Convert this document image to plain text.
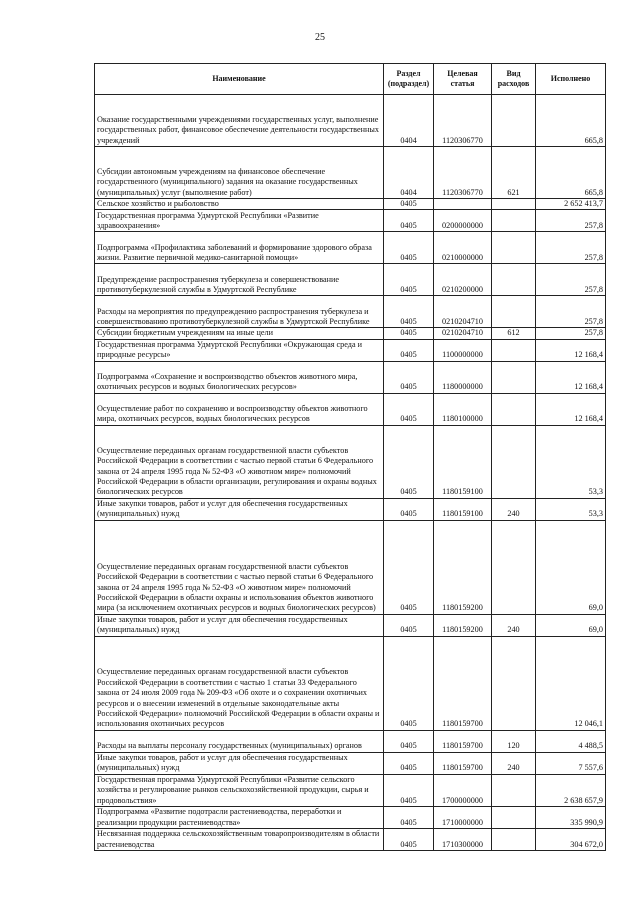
25
Наименование	Раздел (подраздел)	Целевая статья	Вид расходов	Исполнено
Оказание государственными учреждениями государственных услуг, выполнение государственных работ, финансовое обеспечение деятельности государственных учреждений	0404	1120306770		665,8
Субсидии автономным учреждениям на финансовое обеспечение государственного (муниципального) задания на оказание государственных (муниципальных) услуг (выполнение работ)	0404	1120306770	621	665,8
Сельское хозяйство и рыболовство	0405			2 652 413,7
Государственная программа Удмуртской Республики «Развитие здравоохранения»	0405	0200000000		257,8
Подпрограмма «Профилактика заболеваний и формирование здорового образа жизни. Развитие первичной медико-санитарной помощи»	0405	0210000000		257,8
Предупреждение распространения туберкулеза и совершенствование противотуберкулезной службы в Удмуртской Республике	0405	0210200000		257,8
Расходы на мероприятия по предупреждению распространения туберкулеза и совершенствованию противотуберкулезной службы в Удмуртской Республике	0405	0210204710		257,8
Субсидии бюджетным учреждениям на иные цели	0405	0210204710	612	257,8
Государственная программа Удмуртской Республики «Окружающая среда и природные ресурсы»	0405	1100000000		12 168,4
Подпрограмма «Сохранение и воспроизводство объектов животного мира, охотничьих ресурсов и водных биологических ресурсов»	0405	1180000000		12 168,4
Осуществление работ по сохранению и воспроизводству объектов животного мира, охотничьих ресурсов, водных биологических ресурсов	0405	1180100000		12 168,4
Осуществление переданных органам государственной власти субъектов Российской Федерации в соответствии с частью первой статьи 6 Федерального закона от 24 апреля 1995 года № 52-ФЗ «О животном мире» полномочий Российской Федерации в области организации, регулирования и охраны водных биологических ресурсов	0405	1180159100		53,3
Иные закупки товаров, работ и услуг для обеспечения государственных (муниципальных) нужд	0405	1180159100	240	53,3
Осуществление переданных органам государственной власти субъектов Российской Федерации в соответствии с частью первой статьи 6 Федерального закона от 24 апреля 1995 года № 52-ФЗ «О животном мире» полномочий Российской Федерации в области охраны и использования объектов животного мира (за исключением охотничьих ресурсов и водных биологических ресурсов)	0405	1180159200		69,0
Иные закупки товаров, работ и услуг для обеспечения государственных (муниципальных) нужд	0405	1180159200	240	69,0
Осуществление переданных органам государственной власти субъектов Российской Федерации в соответствии с частью 1 статьи 33 Федерального закона от 24 июля 2009 года № 209-ФЗ «Об охоте и о сохранении охотничьих ресурсов и о внесении изменений в отдельные законодательные акты Российской Федерации» полномочий Российской Федерации в области охраны и использования охотничьих ресурсов	0405	1180159700		12 046,1
Расходы на выплаты персоналу государственных (муниципальных) органов	0405	1180159700	120	4 488,5
Иные закупки товаров, работ и услуг для обеспечения государственных (муниципальных) нужд	0405	1180159700	240	7 557,6
Государственная программа Удмуртской Республики «Развитие сельского хозяйства и регулирование рынков сельскохозяйственной продукции, сырья и продовольствия»	0405	1700000000		2 638 657,9
Подпрограмма «Развитие подотрасли растениеводства, переработки и реализации продукции растениеводства»	0405	1710000000		335 990,9
Несвязанная поддержка сельскохозяйственным товаропроизводителям в области растениеводства	0405	1710300000		304 672,0
